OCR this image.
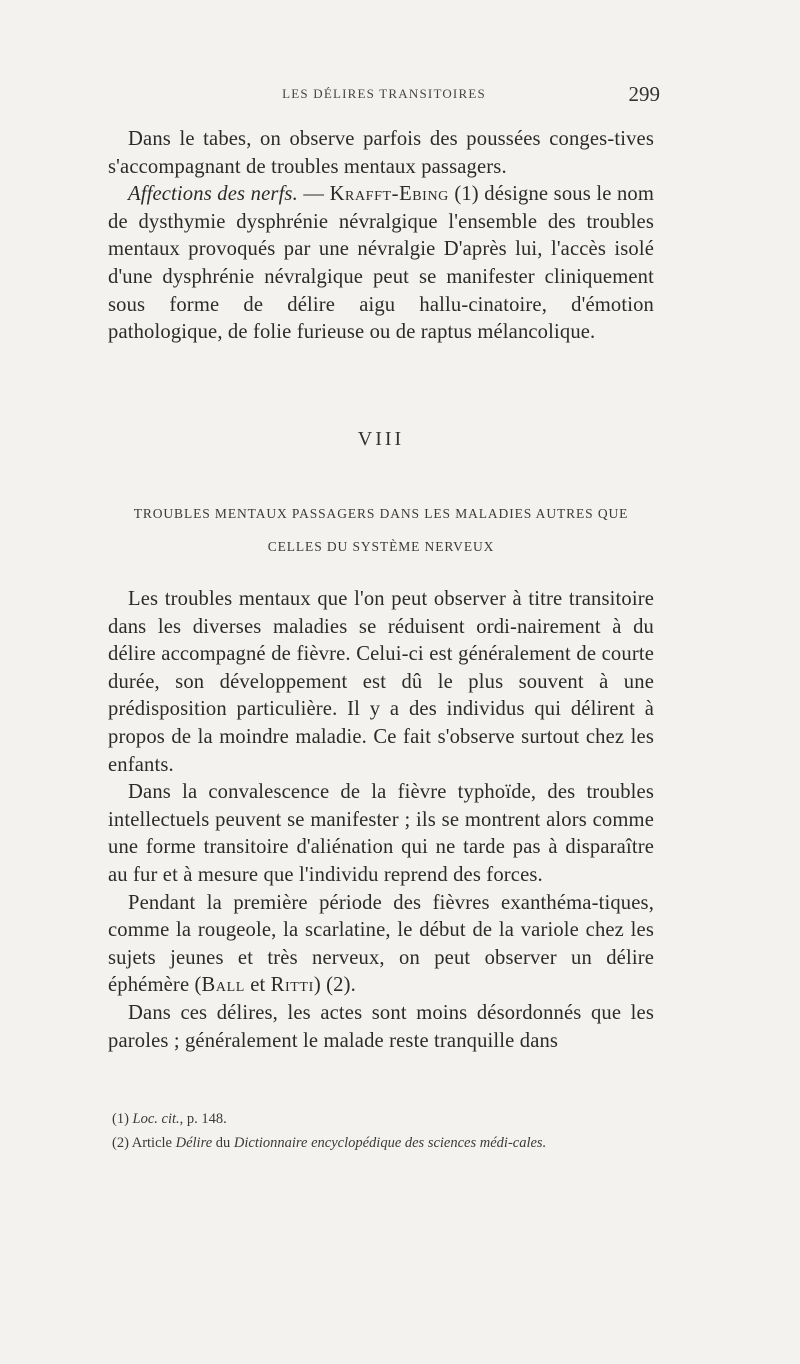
LES DÉLIRES TRANSITOIRES	299

Dans le tabes, on observe parfois des poussées conges-tives s'accompagnant de troubles mentaux passagers.

Affections des nerfs. — Krafft-Ebing (1) désigne sous le nom de dysthymie dysphrénie névralgique l'ensemble des troubles mentaux provoqués par une névralgie D'après lui, l'accès isolé d'une dysphrénie névralgique peut se manifester cliniquement sous forme de délire aigu hallu-cinatoire, d'émotion pathologique, de folie furieuse ou de raptus mélancolique.

VIII
TROUBLES MENTAUX PASSAGERS DANS LES MALADIES AUTRES QUE
CELLES DU SYSTÈME NERVEUX

Les troubles mentaux que l'on peut observer à titre transitoire dans les diverses maladies se réduisent ordi-nairement à du délire accompagné de fièvre. Celui-ci est généralement de courte durée, son développement est dû le plus souvent à une prédisposition particulière. Il y a des individus qui délirent à propos de la moindre maladie. Ce fait s'observe surtout chez les enfants.

Dans la convalescence de la fièvre typhoïde, des troubles intellectuels peuvent se manifester ; ils se montrent alors comme une forme transitoire d'aliénation qui ne tarde pas à disparaître au fur et à mesure que l'individu reprend des forces.

Pendant la première période des fièvres exanthéma-tiques, comme la rougeole, la scarlatine, le début de la variole chez les sujets jeunes et très nerveux, on peut observer un délire éphémère (Ball et Ritti) (2).

Dans ces délires, les actes sont moins désordonnés que les paroles ; généralement le malade reste tranquille dans

(1) Loc. cit., p. 148.

(2) Article Délire du Dictionnaire encyclopédique des sciences médi-cales.
